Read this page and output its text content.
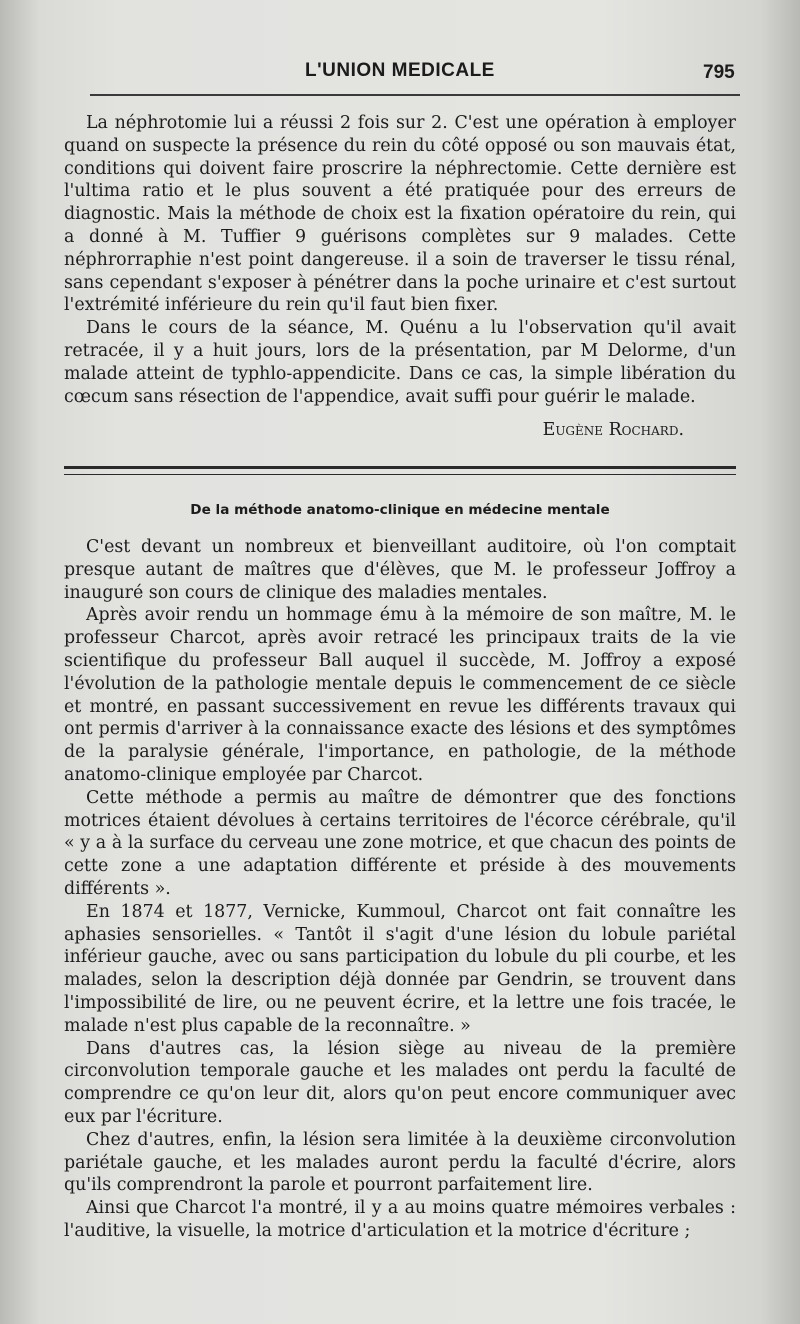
L'UNION MEDICALE	795

La néphrotomie lui a réussi 2 fois sur 2. C'est une opération à employer quand on suspecte la présence du rein du côté opposé ou son mauvais état, conditions qui doivent faire proscrire la néphrectomie. Cette dernière est l'ultima ratio et le plus souvent a été pratiquée pour des erreurs de diagnostic. Mais la méthode de choix est la fixation opératoire du rein, qui a donné à M. Tuffier 9 guérisons complètes sur 9 malades. Cette néphrorraphie n'est point dangereuse. il a soin de traverser le tissu rénal, sans cependant s'exposer à pénétrer dans la poche urinaire et c'est surtout l'extrémité inférieure du rein qu'il faut bien fixer.

Dans le cours de la séance, M. Quénu a lu l'observation qu'il avait retracée, il y a huit jours, lors de la présentation, par M Delorme, d'un malade atteint de typhlo-appendicite. Dans ce cas, la simple libération du cœcum sans résection de l'appendice, avait suffi pour guérir le malade.

Eugène Rochard.
De la méthode anatomo-clinique en médecine mentale

C'est devant un nombreux et bienveillant auditoire, où l'on comptait presque autant de maîtres que d'élèves, que M. le professeur Joffroy a inauguré son cours de clinique des maladies mentales.

Après avoir rendu un hommage ému à la mémoire de son maître, M. le professeur Charcot, après avoir retracé les principaux traits de la vie scientifique du professeur Ball auquel il succède, M. Joffroy a exposé l'évolution de la pathologie mentale depuis le commencement de ce siècle et montré, en passant successivement en revue les différents travaux qui ont permis d'arriver à la connaissance exacte des lésions et des symptômes de la paralysie générale, l'importance, en pathologie, de la méthode anatomo-clinique employée par Charcot.

Cette méthode a permis au maître de démontrer que des fonctions motrices étaient dévolues à certains territoires de l'écorce cérébrale, qu'il « y a à la surface du cerveau une zone motrice, et que chacun des points de cette zone a une adaptation différente et préside à des mouvements différents ».

En 1874 et 1877, Vernicke, Kummoul, Charcot ont fait connaître les aphasies sensorielles. « Tantôt il s'agit d'une lésion du lobule pariétal inférieur gauche, avec ou sans participation du lobule du pli courbe, et les malades, selon la description déjà donnée par Gendrin, se trouvent dans l'impossibilité de lire, ou ne peuvent écrire, et la lettre une fois tracée, le malade n'est plus capable de la reconnaître. »

Dans d'autres cas, la lésion siège au niveau de la première circonvolution temporale gauche et les malades ont perdu la faculté de comprendre ce qu'on leur dit, alors qu'on peut encore communiquer avec eux par l'écriture.

Chez d'autres, enfin, la lésion sera limitée à la deuxième circonvolution pariétale gauche, et les malades auront perdu la faculté d'écrire, alors qu'ils comprendront la parole et pourront parfaitement lire.

Ainsi que Charcot l'a montré, il y a au moins quatre mémoires verbales : l'auditive, la visuelle, la motrice d'articulation et la motrice d'écriture ;
